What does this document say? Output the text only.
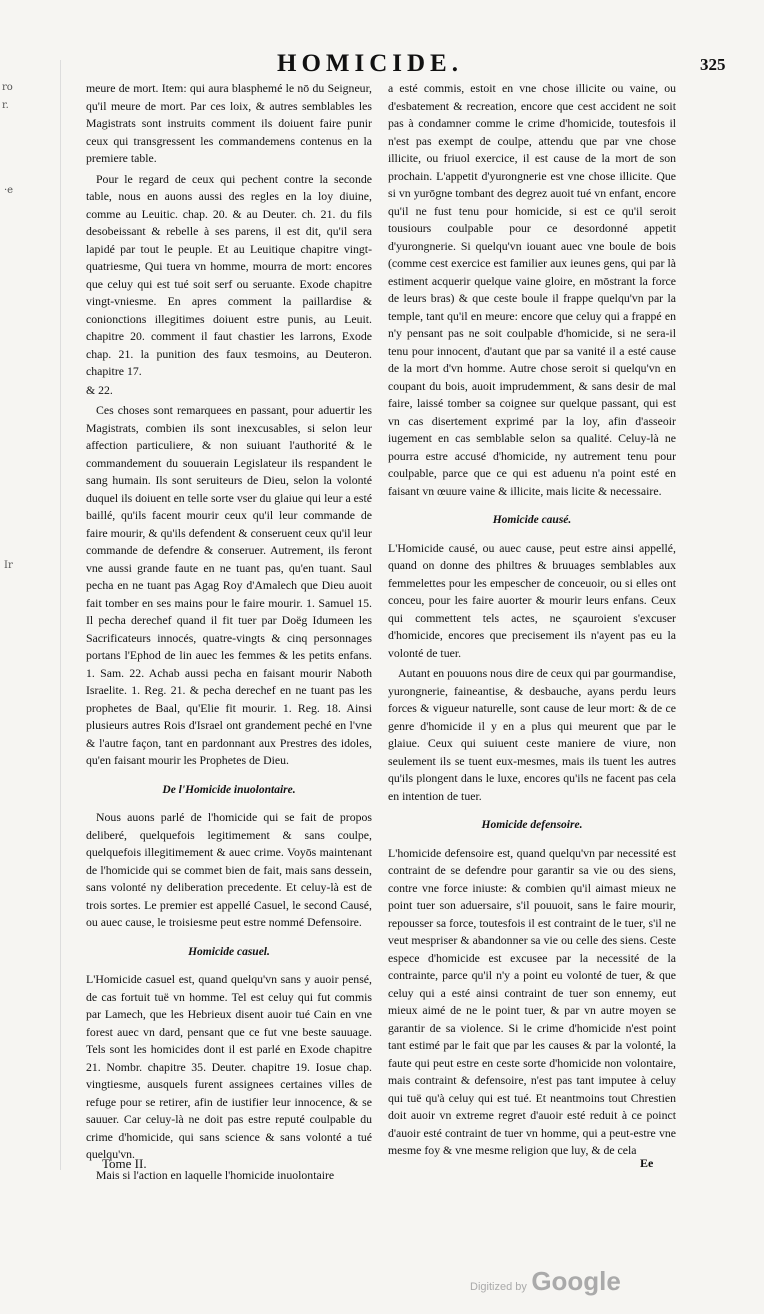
ro
r.
·e
Ir
HOMICIDE.	325

meure de mort. Item: qui aura blasphemé le nō du Seigneur, qu'il meure de mort. Par ces loix, & autres semblables les Magistrats sont instruits comment ils doiuent faire punir ceux qui transgressent les commandemens contenus en la premiere table.

Pour le regard de ceux qui pechent contre la seconde table, nous en auons aussi des regles en la loy diuine, comme au Leuitic. chap. 20. & au Deuter. ch. 21. du fils desobeissant & rebelle à ses parens, il est dit, qu'il sera lapidé par tout le peuple. Et au Leuitique chapitre vingt-quatriesme, Qui tuera vn homme, mourra de mort: encores que celuy qui est tué soit serf ou seruante. Exode chapitre vingt-vniesme. En apres comment la paillardise & conionctions illegitimes doiuent estre punis, au Leuit. chapitre 20. comment il faut chastier les larrons, Exode chap. 21. la punition des faux tesmoins, au Deuteron. chapitre 17.

& 22.

Ces choses sont remarquees en passant, pour aduertir les Magistrats, combien ils sont inexcusables, si selon leur affection particuliere, & non suiuant l'authorité & le commandement du souuerain Legislateur ils respandent le sang humain. Ils sont seruiteurs de Dieu, selon la volonté duquel ils doiuent en telle sorte vser du glaiue qui leur a esté baillé, qu'ils facent mourir ceux qu'il leur commande de faire mourir, & qu'ils defendent & conseruent ceux qu'il leur commande de defendre & conseruer. Autrement, ils feront vne aussi grande faute en ne tuant pas, qu'en tuant. Saul pecha en ne tuant pas Agag Roy d'Amalech que Dieu auoit fait tomber en ses mains pour le faire mourir. 1. Samuel 15. Il pecha derechef quand il fit tuer par Doëg Idumeen les Sacrificateurs innocés, quatre-vingts & cinq personnages portans l'Ephod de lin auec les femmes & les petits enfans. 1. Sam. 22. Achab aussi pecha en faisant mourir Naboth Israelite. 1. Reg. 21. & pecha derechef en ne tuant pas les prophetes de Baal, qu'Elie fit mourir. 1. Reg. 18. Ainsi plusieurs autres Rois d'Israel ont grandement peché en l'vne & l'autre façon, tant en pardonnant aux Prestres des idoles, qu'en faisant mourir les Prophetes de Dieu.

De l'Homicide inuolontaire.

Nous auons parlé de l'homicide qui se fait de propos deliberé, quelquefois legitimement & sans coulpe, quelquefois illegitimement & auec crime. Voyōs maintenant de l'homicide qui se commet bien de fait, mais sans dessein, sans volonté ny deliberation precedente. Et celuy-là est de trois sortes. Le premier est appellé Casuel, le second Causé, ou auec cause, le troisiesme peut estre nommé Defensoire.

Homicide casuel.

L'Homicide casuel est, quand quelqu'vn sans y auoir pensé, de cas fortuit tuë vn homme. Tel est celuy qui fut commis par Lamech, que les Hebrieux disent auoir tué Cain en vne forest auec vn dard, pensant que ce fut vne beste sauuage. Tels sont les homicides dont il est parlé en Exode chapitre 21. Nombr. chapitre 35. Deuter. chapitre 19. Iosue chap. vingtiesme, ausquels furent assignees certaines villes de refuge pour se retirer, afin de iustifier leur innocence, & se sauuer. Car celuy-là ne doit pas estre reputé coulpable du crime d'homicide, qui sans science & sans volonté a tué quelqu'vn.

Mais si l'action en laquelle l'homicide inuolontaire

a esté commis, estoit en vne chose illicite ou vaine, ou d'esbatement & recreation, encore que cest accident ne soit pas à condamner comme le crime d'homicide, toutesfois il n'est pas exempt de coulpe, attendu que par vne chose illicite, ou friuol exercice, il est cause de la mort de son prochain. L'appetit d'yurongnerie est vne chose illicite. Que si vn yurōgne tombant des degrez auoit tué vn enfant, encore qu'il ne fust tenu pour homicide, si est ce qu'il seroit tousiours coulpable pour ce desordonné appetit d'yurongnerie. Si quelqu'vn iouant auec vne boule de bois (comme cest exercice est familier aux ieunes gens, qui par là estiment acquerir quelque vaine gloire, en mōstrant la force de leurs bras) & que ceste boule il frappe quelqu'vn par la temple, tant qu'il en meure: encore que celuy qui a frappé en n'y pensant pas ne soit coulpable d'homicide, si ne sera-il tenu pour innocent, d'autant que par sa vanité il a esté cause de la mort d'vn homme. Autre chose seroit si quelqu'vn en coupant du bois, auoit imprudemment, & sans desir de mal faire, laissé tomber sa coignee sur quelque passant, qui est vn cas disertement exprimé par la loy, afin d'asseoir iugement en cas semblable selon sa qualité. Celuy-là ne pourra estre accusé d'homicide, ny autrement tenu pour coulpable, parce que ce qui est aduenu n'a point esté en faisant vn œuure vaine & illicite, mais licite & necessaire.

Homicide causé.

L'Homicide causé, ou auec cause, peut estre ainsi appellé, quand on donne des philtres & bruuages semblables aux femmelettes pour les empescher de conceuoir, ou si elles ont conceu, pour les faire auorter & mourir leurs enfans. Ceux qui commettent tels actes, ne sçauroient s'excuser d'homicide, encores que precisement ils n'ayent pas eu la volonté de tuer.

Autant en pouuons nous dire de ceux qui par gourmandise, yurongnerie, faineantise, & desbauche, ayans perdu leurs forces & vigueur naturelle, sont cause de leur mort: & de ce genre d'homicide il y en a plus qui meurent que par le glaiue. Ceux qui suiuent ceste maniere de viure, non seulement ils se tuent eux-mesmes, mais ils tuent les autres qu'ils plongent dans le luxe, encores qu'ils ne facent pas cela en intention de tuer.

Homicide defensoire.

L'homicide defensoire est, quand quelqu'vn par necessité est contraint de se defendre pour garantir sa vie ou des siens, contre vne force iniuste: & combien qu'il aimast mieux ne point tuer son aduersaire, s'il pouuoit, sans le faire mourir, repousser sa force, toutesfois il est contraint de le tuer, s'il ne veut mespriser & abandonner sa vie ou celle des siens. Ceste espece d'homicide est excusee par la necessité de la contrainte, parce qu'il n'y a point eu volonté de tuer, & que celuy qui a esté ainsi contraint de tuer son ennemy, eut mieux aimé de ne le point tuer, & par vn autre moyen se garantir de sa violence. Si le crime d'homicide n'est point tant estimé par le fait que par les causes & par la volonté, la faute qui peut estre en ceste sorte d'homicide non volontaire, mais contraint & defensoire, n'est pas tant imputee à celuy qui tuë qu'à celuy qui est tué. Et neantmoins tout Chrestien doit auoir vn extreme regret d'auoir esté reduit à ce poinct d'auoir esté contraint de tuer vn homme, qui a peut-estre vne mesme foy & vne mesme religion que luy, & de cela

Tome II.	Ee
Digitized by Google
